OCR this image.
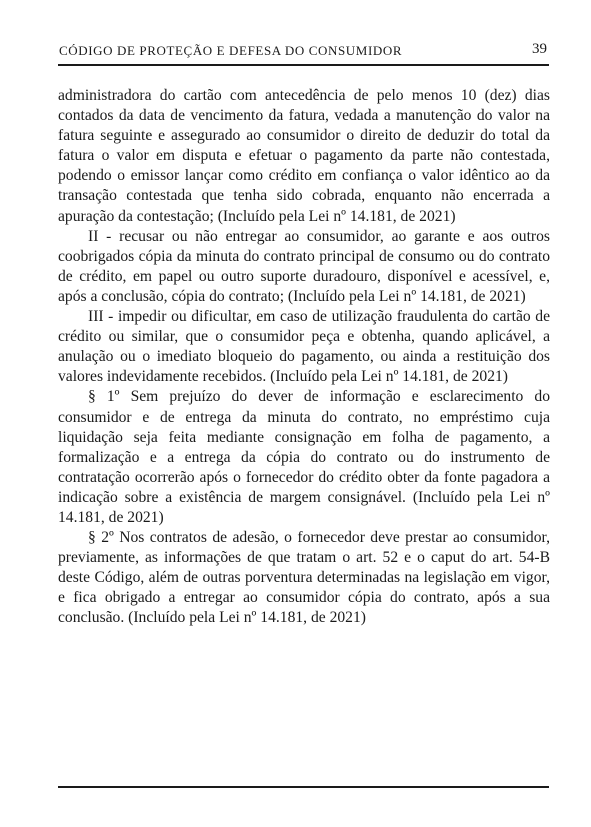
CÓDIGO DE PROTEÇÃO E DEFESA DO CONSUMIDOR	39

administradora do cartão com antecedência de pelo menos 10 (dez) dias contados da data de vencimento da fatura, vedada a manutenção do valor na fatura seguinte e assegurado ao consumidor o direito de deduzir do total da fatura o valor em disputa e efetuar o pagamento da parte não contestada, podendo o emissor lançar como crédito em confiança o valor idêntico ao da transação contestada que tenha sido cobrada, enquanto não encerrada a apuração da contestação; (Incluído pela Lei nº 14.181, de 2021)

II - recusar ou não entregar ao consumidor, ao garante e aos outros coobrigados cópia da minuta do contrato principal de consumo ou do contrato de crédito, em papel ou outro suporte duradouro, disponível e acessível, e, após a conclusão, cópia do contrato; (Incluído pela Lei nº 14.181, de 2021)

III - impedir ou dificultar, em caso de utilização fraudulenta do cartão de crédito ou similar, que o consumidor peça e obtenha, quando aplicável, a anulação ou o imediato bloqueio do pagamento, ou ainda a restituição dos valores indevidamente recebidos. (Incluído pela Lei nº 14.181, de 2021)

§ 1º Sem prejuízo do dever de informação e esclarecimento do consumidor e de entrega da minuta do contrato, no empréstimo cuja liquidação seja feita mediante consignação em folha de pagamento, a formalização e a entrega da cópia do contrato ou do instrumento de contratação ocorrerão após o fornecedor do crédito obter da fonte pagadora a indicação sobre a existência de margem consignável. (Incluído pela Lei nº 14.181, de 2021)

§ 2º Nos contratos de adesão, o fornecedor deve prestar ao consumidor, previamente, as informações de que tratam o art. 52 e o caput do art. 54-B deste Código, além de outras porventura determinadas na legislação em vigor, e fica obrigado a entregar ao consumidor cópia do contrato, após a sua conclusão. (Incluído pela Lei nº 14.181, de 2021)
